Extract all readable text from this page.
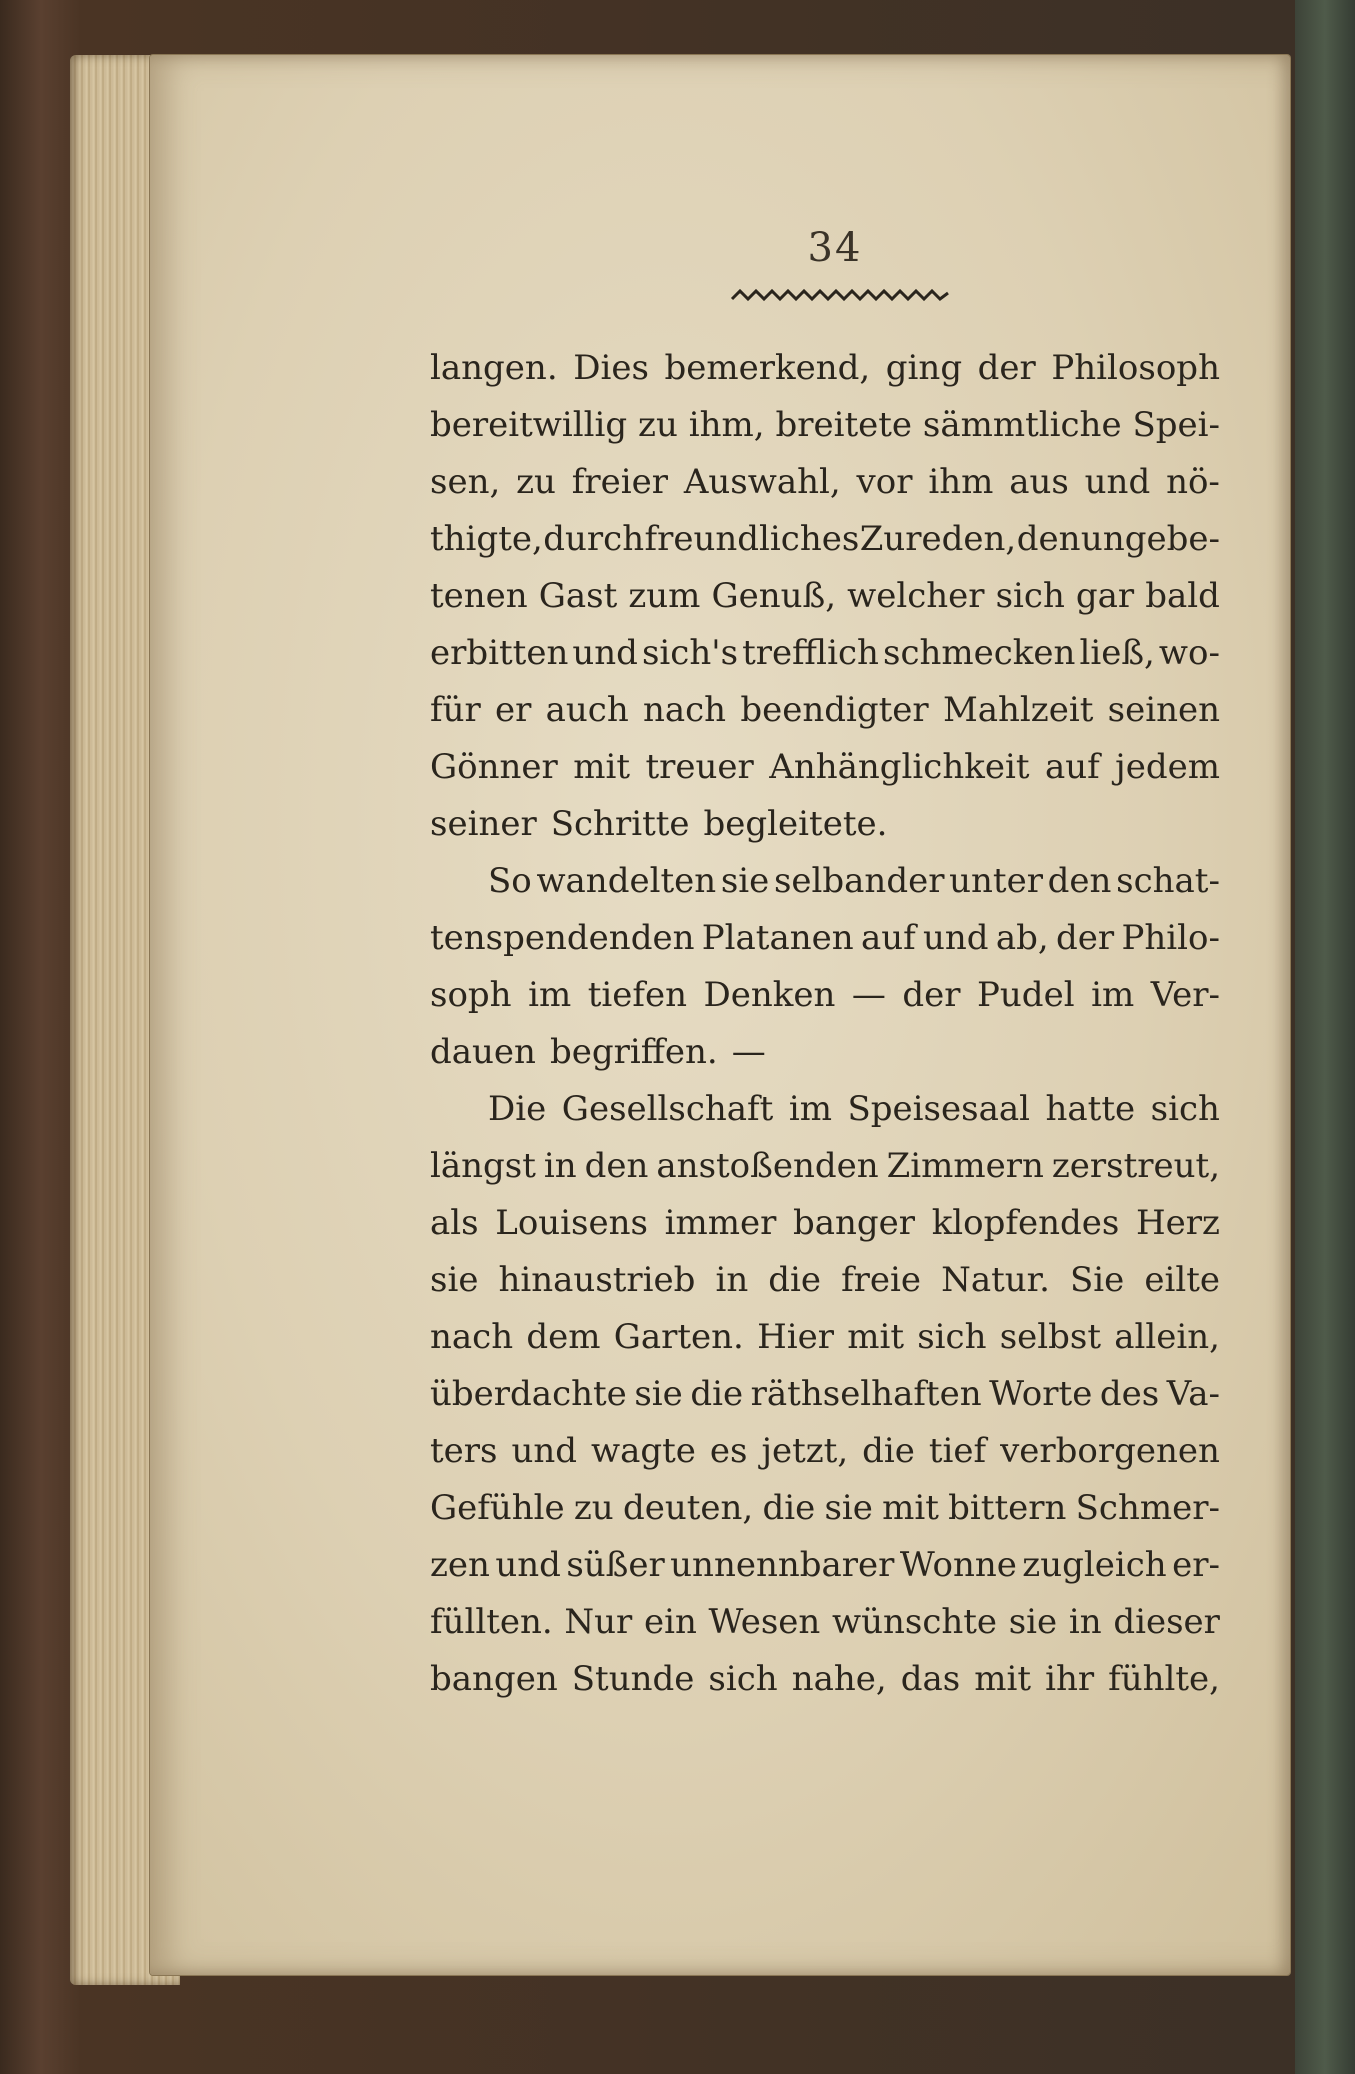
34
langen. Dies bemerkend, ging der Philosoph
bereitwillig zu ihm, breitete sämmtliche Spei-
sen, zu freier Auswahl, vor ihm aus und nö-
thigte, durch freundliches Zureden, den ungebe-
tenen Gast zum Genuß, welcher sich gar bald
erbitten und sich's trefflich schmecken ließ, wo-
für er auch nach beendigter Mahlzeit seinen
Gönner mit treuer Anhänglichkeit auf jedem
seiner Schritte begleitete.
So wandelten sie selbander unter den schat-
tenspendenden Platanen auf und ab, der Philo-
soph im tiefen Denken — der Pudel im Ver-
dauen begriffen. —
Die Gesellschaft im Speisesaal hatte sich
längst in den anstoßenden Zimmern zerstreut,
als Louisens immer banger klopfendes Herz
sie hinaustrieb in die freie Natur. Sie eilte
nach dem Garten. Hier mit sich selbst allein,
überdachte sie die räthselhaften Worte des Va-
ters und wagte es jetzt, die tief verborgenen
Gefühle zu deuten, die sie mit bittern Schmer-
zen und süßer unnennbarer Wonne zugleich er-
füllten. Nur ein Wesen wünschte sie in dieser
bangen Stunde sich nahe, das mit ihr fühlte,
